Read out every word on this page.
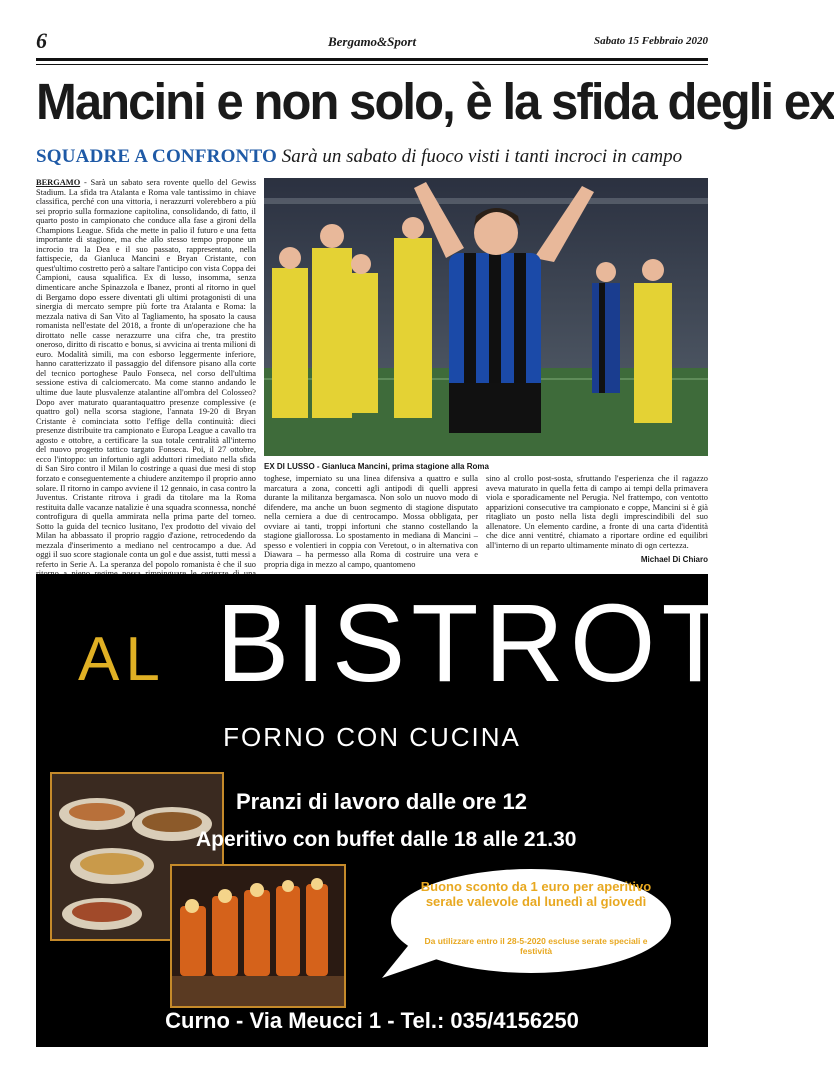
6	Bergamo&Sport	Sabato 15 Febbraio 2020
Mancini e non solo, è la sfida degli ex
SQUADRE A CONFRONTO Sarà un sabato di fuoco visti i tanti incroci in campo
BERGAMO - Sarà un sabato sera rovente quello del Gewiss Stadium. La sfida tra Atalanta e Roma vale tantissimo in chiave classifica, perché con una vittoria, i nerazzurri volerebbero a più sei proprio sulla formazione capitolina, consolidando, di fatto, il quarto posto in campionato che conduce alla fase a gironi della Champions League. Sfida che mette in palio il futuro e una fetta importante di stagione, ma che allo stesso tempo propone un incrocio tra la Dea e il suo passato, rappresentato, nella fattispecie, da Gianluca Mancini e Bryan Cristante, con quest'ultimo costretto però a saltare l'anticipo con vista Coppa dei Campioni, causa squalifica. Ex di lusso, insomma, senza dimenticare anche Spinazzola e Ibanez, pronti al ritorno in quel di Bergamo dopo essere diventati gli ultimi protagonisti di una sinergia di mercato sempre più forte tra Atalanta e Roma: la mezzala nativa di San Vito al Tagliamento, ha sposato la causa romanista nell'estate del 2018, a fronte di un'operazione che ha dirottato nelle casse nerazzurre una cifra che, tra prestito oneroso, diritto di riscatto e bonus, si avvicina ai trenta milioni di euro. Modalità simili, ma con esborso leggermente inferiore, hanno caratterizzato il passaggio del difensore pisano alla corte del tecnico portoghese Paulo Fonseca, nel corso dell'ultima sessione estiva di calciomercato. Ma come stanno andando le ultime due laute plusvalenze atalantine all'ombra del Colosseo? Dopo aver maturato quarantaquattro presenze complessive (e quattro gol) nella scorsa stagione, l'annata 19-20 di Bryan Cristante è cominciata sotto l'effige della continuità: dieci presenze distribuite tra campionato e Europa League a cavallo tra agosto e ottobre, a certificare la sua totale centralità all'interno del nuovo progetto tattico targato Fonseca. Poi, il 27 ottobre, ecco l'intoppo: un infortunio agli adduttori rimediato nella sfida di San Siro contro il Milan lo costringe a quasi due mesi di stop forzato e conseguentemente a chiudere anzitempo il proprio anno solare. Il ritorno in campo avviene il 12 gennaio, in casa contro la Juventus. Cristante ritrova i gradi da titolare ma la Roma restituita dalle vacanze natalizie è una squadra sconnessa, nonché controfigura di quella ammirata nella prima parte del torneo. Sotto la guida del tecnico lusitano, l'ex prodotto del vivaio del Milan ha abbassato il proprio raggio d'azione, retrocedendo da mezzala d'inserimento a mediano nel centrocampo a due. Ad oggi il suo score stagionale conta un gol e due assist, tutti messi a referto in Serie A. La speranza del popolo romanista è che il suo
EX DI LUSSO - Gianluca Mancini, prima stagione alla Roma
toghese, imperniato su una linea difensiva a quattro e sulla marcatura a zona, concetti agli antipodi di quelli appresi durante la militanza bergamasca. Non solo un nuovo modo di difendere, ma anche un buon segmento di stagione disputato nella cerniera a due di centrocampo. Mossa obbligata, per ovviare ai tanti, troppi infortuni che stanno costellando la stagione giallorossa. Lo spostamento in mediana di Mancini – spesso e volentieri in coppia con Veretout, o in alternativa con Diawara – ha permesso alla Roma di costruire una vera e propria diga in mezzo al campo, quantomeno
sino al crollo post-sosta, sfruttando l'esperienza che il ragazzo aveva maturato in quella fetta di campo ai tempi della primavera viola e sporadicamente nel Perugia. Nel frattempo, con ventotto apparizioni consecutive tra campionato e coppe, Mancini si è già ritagliato un posto nella lista degli imprescindibili del suo allenatore. Un elemento cardine, a fronte di una carta d'identità che dice anni ventitré, chiamato a riportare ordine ed equilibri all'interno di un reparto ultimamente minato di ogn certezza.
Michael Di Chiaro
AL BISTROT
FORNO CON CUCINA
Pranzi di lavoro dalle ore 12
Aperitivo con buffet dalle 18 alle 21.30
Buono sconto da 1 euro per aperitivo serale valevole dal lunedì al giovedì
Da utilizzare entro il 28-5-2020 escluse serate speciali e festività
Curno - Via Meucci 1 - Tel.: 035/4156250
